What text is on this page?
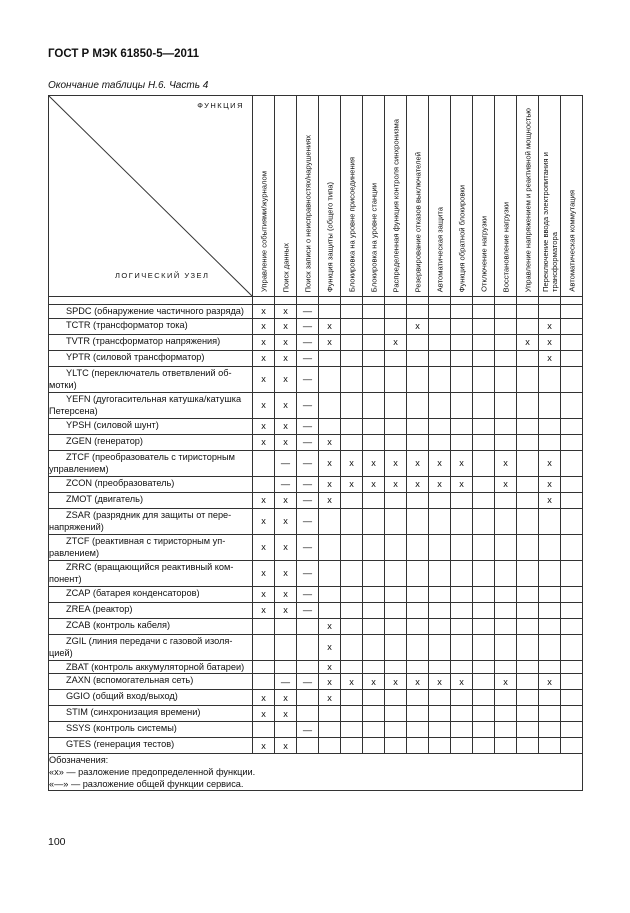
ГОСТ Р МЭК 61850-5—2011
Окончание таблицы Н.6. Часть 4
ФУНКЦИЯ
ЛОГИЧЕСКИЙ УЗЕЛ	Управление событиями/журналом	Поиск данных	Поиск записи о неисправностях/нарушениях	Функция защиты (общего типа)	Блокировка на уровне присоединения	Блокировка на уровне станции	Распределенная функция контроля синхронизма	Резервирование отказов выключателей	Автоматическая защита	Функция обратной блокировки	Отключение нагрузки	Восстановление нагрузки	Управление напряжением и реактивной мощностью	Переключение ввода электропитания и трансформатора	Автоматическая коммутация

SPDC (обнаружение частичного разряда)	x	x	—												
TCTR (трансформатор тока)	x	x	—	x				x						x	
TVTR (трансформатор напряжения)	x	x	—	x			x						x	x	
YPTR (силовой трансформатор)	x	x	—											x	
YLTC (переключатель ответвлений обмотки)	x	x	—												
YEFN (дугогасительная катушка/катушка Петерсена)	x	x	—												
YPSH (силовой шунт)	x	x	—												
ZGEN (генератор)	x	x	—	x											
ZTCF (преобразователь с тиристорным управлением)		—	—	x	x	x	x	x	x	x		x		x	
ZCON (преобразователь)		—	—	x	x	x	x	x	x	x		x		x	
ZMOT (двигатель)	x	x	—	x										x	
ZSAR (разрядник для защиты от перенапряжений)	x	x	—												
ZTCF (реактивная с тиристорным управлением)	x	x	—												
ZRRC (вращающийся реактивный компонент)	x	x	—												
ZCAP (батарея конденсаторов)	x	x	—												
ZREA (реактор)	x	x	—												
ZCAB (контроль кабеля)				x											
ZGIL (линия передачи с газовой изоляцией)				x											
ZBAT (контроль аккумуляторной батареи)				x											
ZAXN (вспомогательная сеть)		—	—	x	x	x	x	x	x	x		x		x	
GGIO (общий вход/выход)	x	x		x											
STIM (синхронизация времени)	x	x													
SSYS (контроль системы)			—												
GTES (генерация тестов)	x	x													

Обозначения:
«x» — разложение предопределенной функции.
«—» — разложение общей функции сервиса.															
100
